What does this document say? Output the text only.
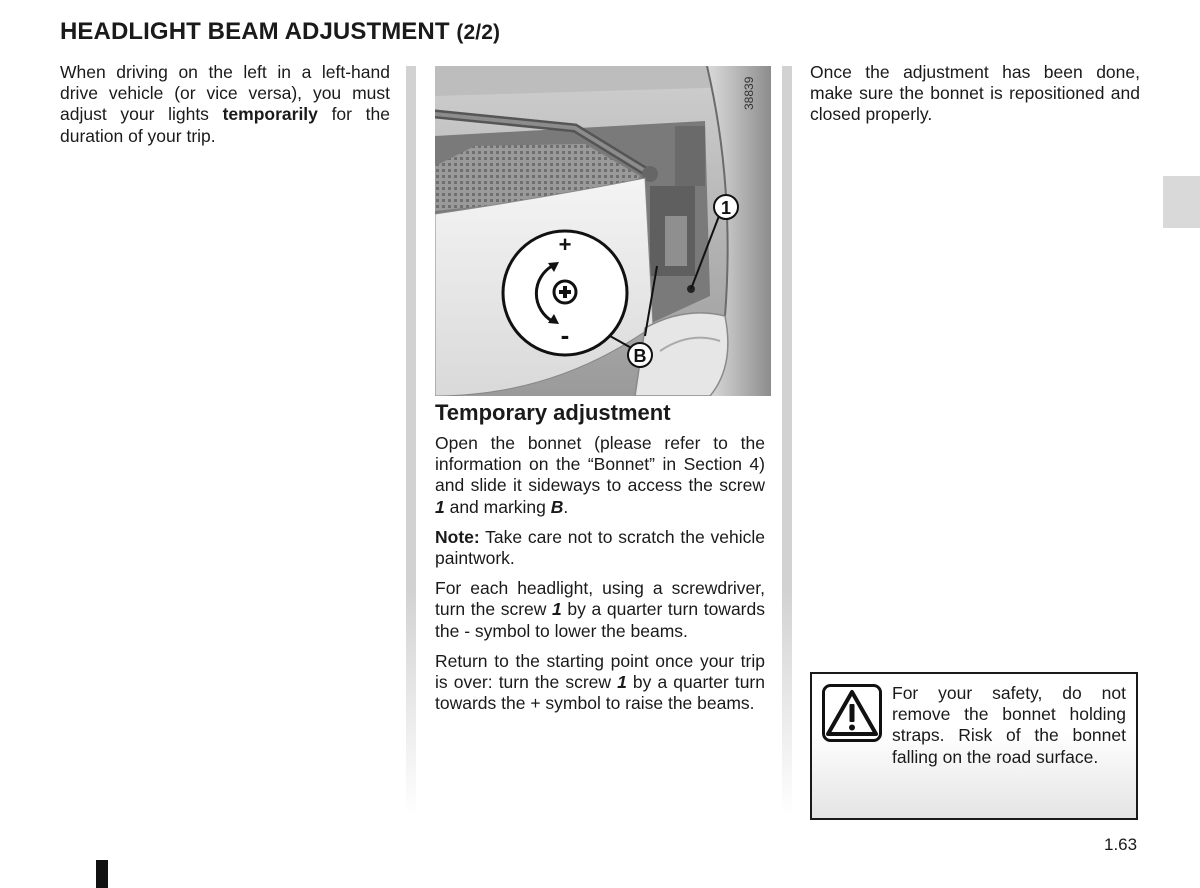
HEADLIGHT BEAM ADJUSTMENT (2/2)

When driving on the left in a left-hand drive vehicle (or vice versa), you must adjust your lights temporarily for the duration of your trip.

1
B
+
-
38839
Temporary adjustment

Open the bonnet (please refer to the information on the “Bonnet” in Section 4) and slide it sideways to access the screw 1 and marking B.

Note: Take care not to scratch the vehicle paintwork.

For each headlight, using a screwdriver, turn the screw 1 by a quarter turn towards the - symbol to lower the beams.

Return to the starting point once your trip is over: turn the screw 1 by a quarter turn towards the + symbol to raise the beams.

Once the adjustment has been done, make sure the bonnet is repositioned and closed properly.

For your safety, do not remove the bonnet holding straps. Risk of the bonnet falling on the road surface.
1.63
